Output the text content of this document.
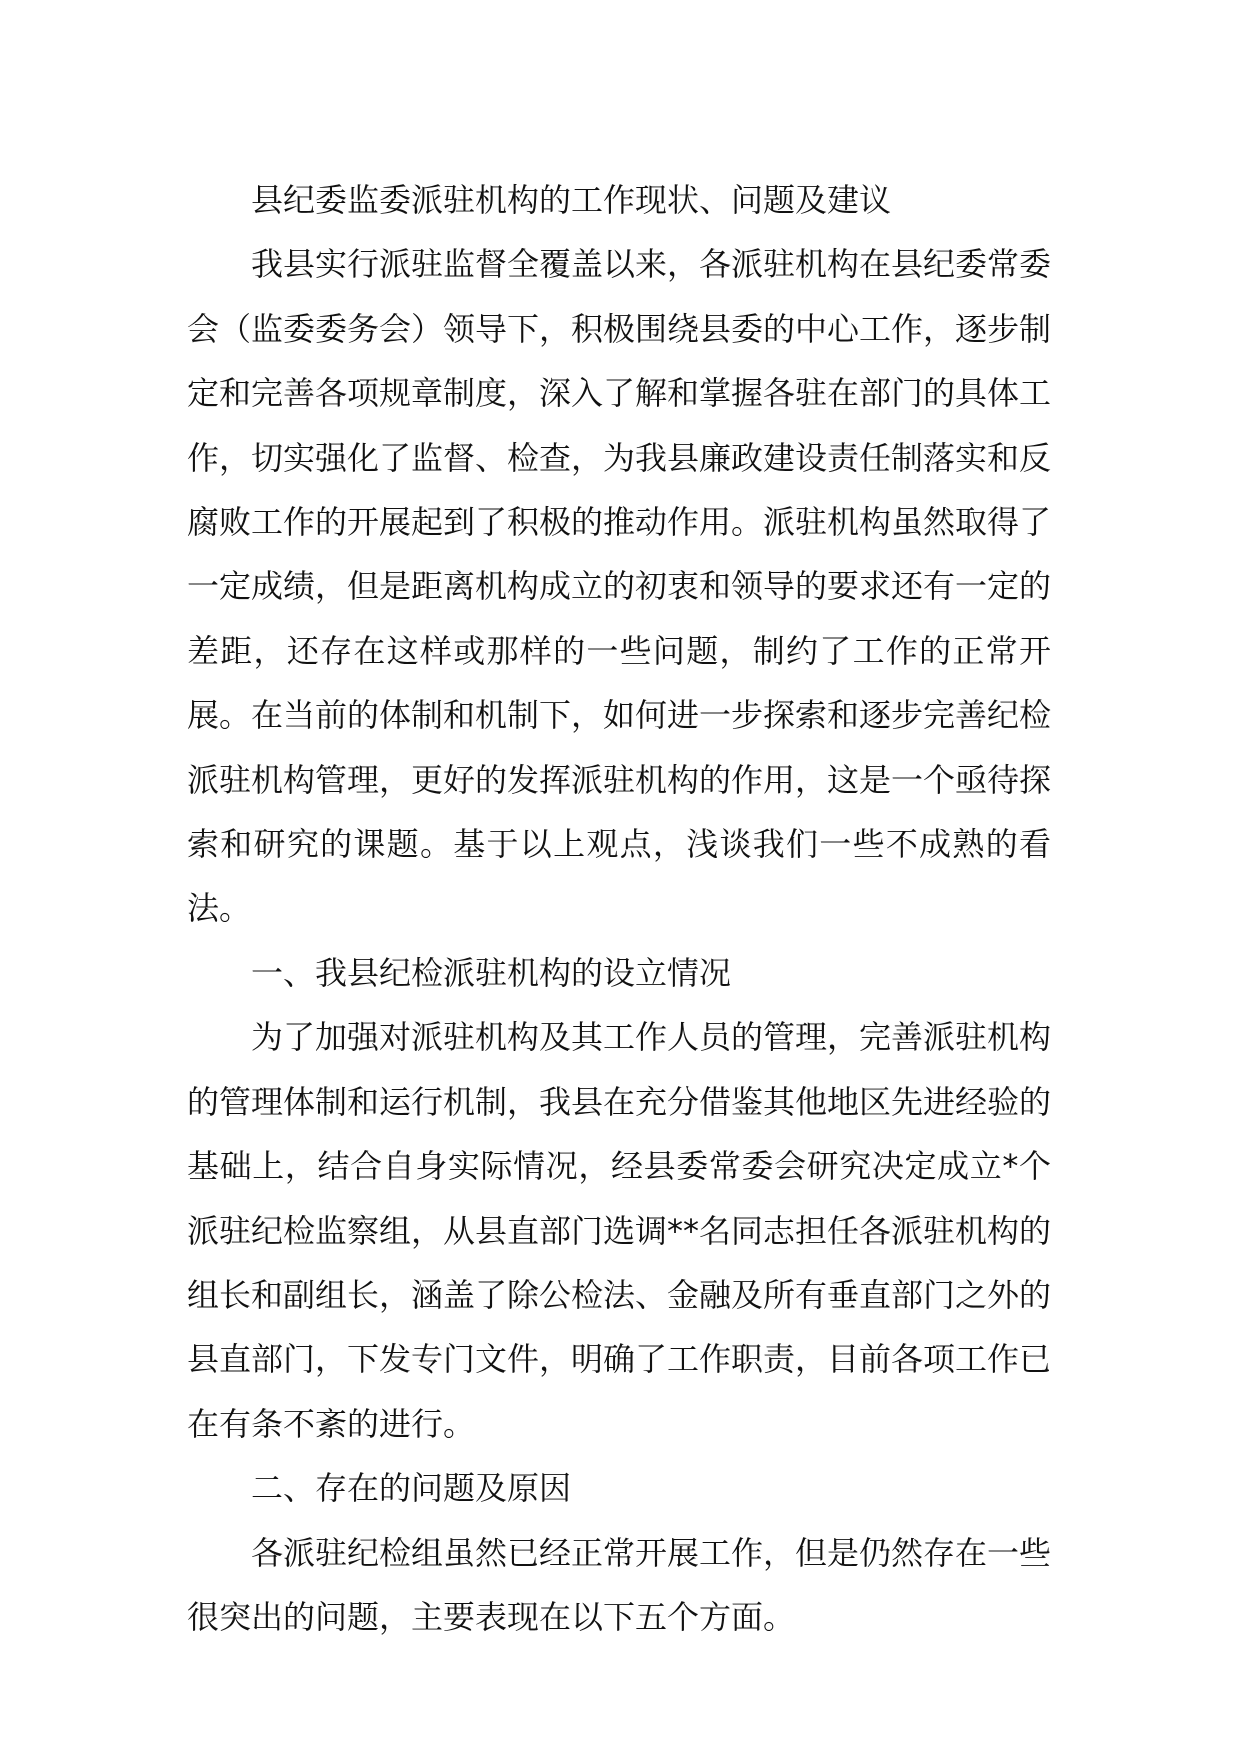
县纪委监委派驻机构的工作现状、问题及建议

我县实行派驻监督全覆盖以来，各派驻机构在县纪委常委会（监委委务会）领导下，积极围绕县委的中心工作，逐步制定和完善各项规章制度，深入了解和掌握各驻在部门的具体工作，切实强化了监督、检查，为我县廉政建设责任制落实和反腐败工作的开展起到了积极的推动作用。派驻机构虽然取得了一定成绩，但是距离机构成立的初衷和领导的要求还有一定的差距，还存在这样或那样的一些问题，制约了工作的正常开展。在当前的体制和机制下，如何进一步探索和逐步完善纪检派驻机构管理，更好的发挥派驻机构的作用，这是一个亟待探索和研究的课题。基于以上观点，浅谈我们一些不成熟的看法。

一、我县纪检派驻机构的设立情况

为了加强对派驻机构及其工作人员的管理，完善派驻机构的管理体制和运行机制，我县在充分借鉴其他地区先进经验的基础上，结合自身实际情况，经县委常委会研究决定成立*个派驻纪检监察组，从县直部门选调**名同志担任各派驻机构的组长和副组长，涵盖了除公检法、金融及所有垂直部门之外的县直部门，下发专门文件，明确了工作职责，目前各项工作已在有条不紊的进行。

二、存在的问题及原因

各派驻纪检组虽然已经正常开展工作，但是仍然存在一些很突出的问题，主要表现在以下五个方面。
